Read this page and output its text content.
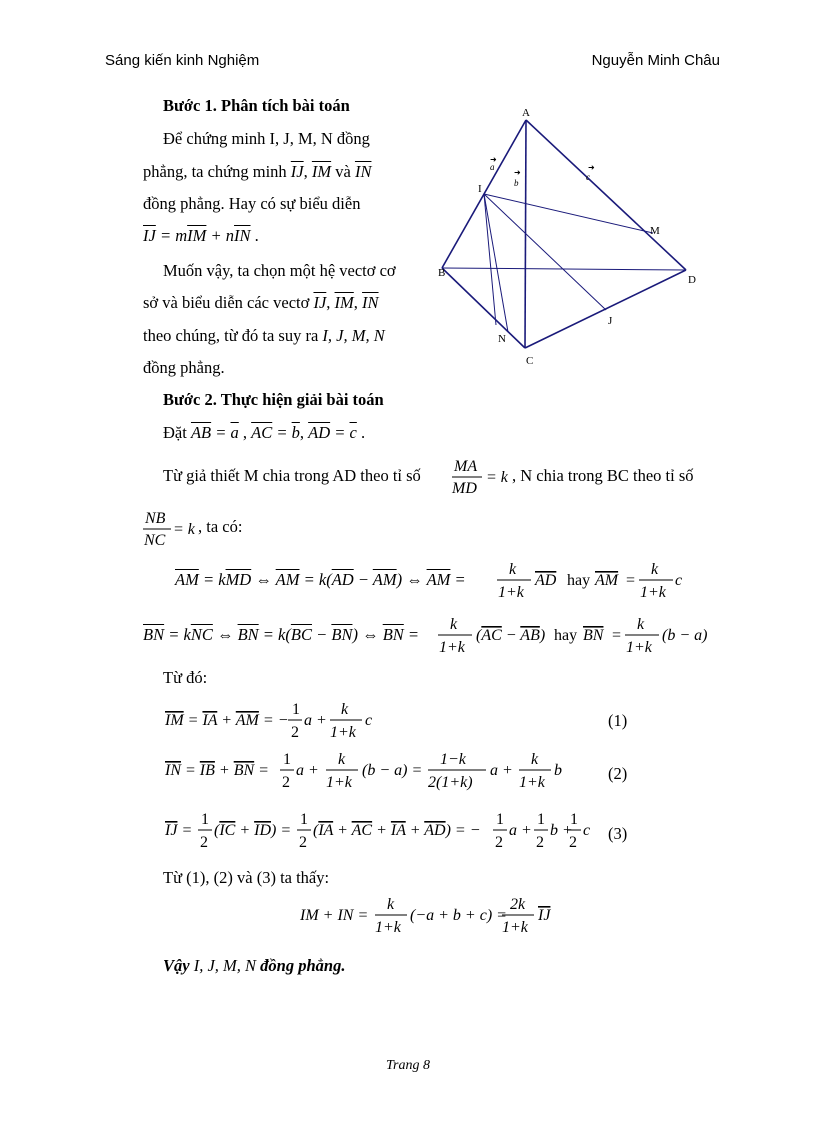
Sáng kiến kinh Nghiệm	Nguyễn Minh Châu
Bước 1. Phân tích bài toán
Để chứng minh I, J, M, N đồng
phẳng, ta chứng minh $\overline{IJ}$, $\overline{IM}$ và $\overline{IN}$
đồng phẳng. Hay có sự biểu diễn
$\overline{IJ} = m\overline{IM} + n\overline{IN}$ .
Muốn vậy, ta chọn một hệ vectơ cơ
sở và biểu diễn các vectơ $\overline{IJ}$, $\overline{IM}$, $\overline{IN}$
theo chúng, từ đó ta suy ra I, J, M, N
đồng phẳng.
A
B
C
D
I
J
M
N
a
b
c
➜
➜
➜
Bước 2. Thực hiện giải bài toán
Đặt $\overline{AB} = \overline{a}$ , $\overline{AC} = \overline{b}$, $\overline{AD} = \overline{c}$ .
Từ giả thiết M chia trong AD theo tỉ số MA
MD
= k , N chia trong BC theo tỉ số
NB
NC
= k , ta có:
$\overline{AM} = k\overline{MD}$ ⇔ $\overline{AM} = k(\overline{AD} - \overline{AM})$ ⇔ $\overline{AM}$ =
k
1+k
AD hay AM =
k
1+k
c
$\overline{BN} = k\overline{NC}$ ⇔ $\overline{BN} = k(\overline{BC} - \overline{BN})$ ⇔ $\overline{BN}$ =
k
1+k
(AC − AB) hay BN =
k
1+k
(b − a)
Từ đó:
IM = IA + AM = −
1
2
a +
k
1+k
c	(1)
IN = IB + BN =
1
2
a +
k
1+k
(b − a) =
1−k
2(1+k)
a +
k
1+k
b	(2)
IJ =
1
2
(IC + ID) =
1
2
(IA + AC + IA + AD) = −
1
2
a +
1
2
b +
1
2
c (3)
Từ (1), (2) và (3) ta thấy:
IM + IN =
k
1+k
(−a + b + c) =
2k
1+k
IJ
Vậy I, J, M, N đồng phẳng.
Trang 8
